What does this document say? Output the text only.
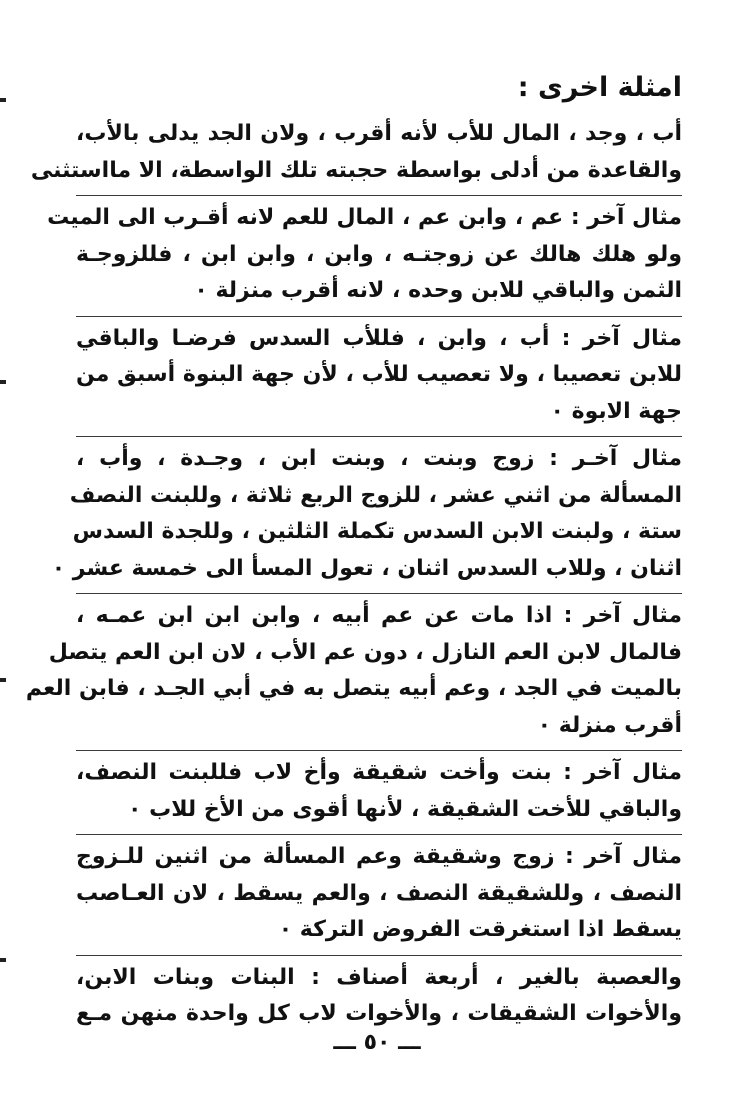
امثلة اخرى :
أب ، وجد ، المال للأب لأنه أقرب ، ولان الجد يدلى بالأب،
والقاعدة من أدلى بواسطة حجبته تلك الواسطة، الا مااستثنى
مثال آخر : عم ، وابن عم ، المال للعم لانه أقـرب الى الميت
ولو هلك هالك عن زوجتـه ، وابن ، وابن ابن ، فللزوجـة
الثمن والباقي للابن وحده ، لانه أقرب منزلة ٠
مثال آخر : أب ، وابن ، فللأب السدس فرضـا والباقي
للابن تعصيبا ، ولا تعصيب للأب ، لأن جهة البنوة أسبق من
جهة الابوة ٠
مثال آخـر : زوج وبنت ، وبنت ابن ، وجـدة ، وأب ،
المسألة من اثني عشر ، للزوج الربع ثلاثة ، وللبنت النصف
ستة ، ولبنت الابن السدس تكملة الثلثين ، وللجدة السدس
اثنان ، وللاب السدس اثنان ، تعول المسأ الى خمسة عشر ٠
مثال آخر : اذا مات عن عم أبيه ، وابن ابن ابن عمـه ،
فالمال لابن العم النازل ، دون عم الأب ، لان ابن العم يتصل
بالميت في الجد ، وعم أبيه يتصل به في أبي الجـد ، فابن العم
أقرب منزلة ٠
مثال آخر : بنت وأخت شقيقة وأخ لاب فللبنت النصف،
والباقي للأخت الشقيقة ، لأنها أقوى من الأخ للاب ٠
مثال آخر : زوج وشقيقة وعم المسألة من اثنين للـزوج
النصف ، وللشقيقة النصف ، والعم يسقط ، لان العـاصب
يسقط اذا استغرقت الفروض التركة ٠
والعصبة بالغير ، أربعة أصناف : البنات وبنات الابن،
والأخوات الشقيقات ، والأخوات لاب كل واحدة منهن مـع
ـــ ٥٠ ـــ
